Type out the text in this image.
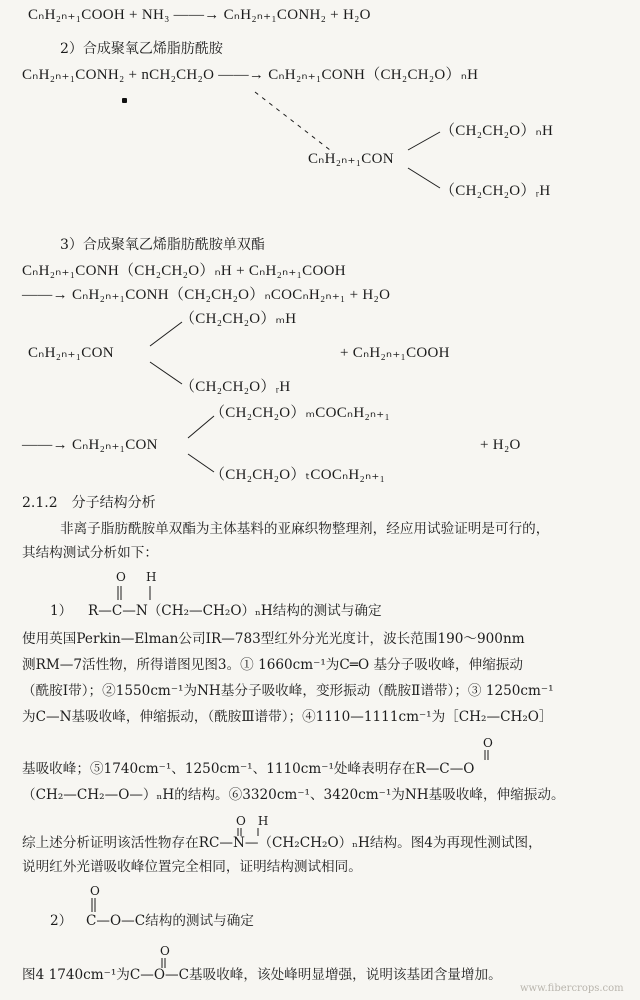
CₙH₂ₙ₊₁COOH + NH₃ ——→ CₙH₂ₙ₊₁CONH₂ + H₂O
2）合成聚氧乙烯脂肪酰胺
CₙH₂ₙ₊₁CONH₂ + nCH₂CH₂O ——→ CₙH₂ₙ₊₁CONH（CH₂CH₂O）ₙH
（CH₂CH₂O）ₙH
CₙH₂ₙ₊₁CON
（CH₂CH₂O）ᵣH
3）合成聚氧乙烯脂肪酰胺单双酯
CₙH₂ₙ₊₁CONH（CH₂CH₂O）ₙH + CₙH₂ₙ₊₁COOH
——→ CₙH₂ₙ₊₁CONH（CH₂CH₂O）ₙCOCₙH₂ₙ₊₁ + H₂O
（CH₂CH₂O）ₘH
CₙH₂ₙ₊₁CON	+ CₙH₂ₙ₊₁COOH
（CH₂CH₂O）ᵣH
（CH₂CH₂O）ₘCOCₙH₂ₙ₊₁
——→ CₙH₂ₙ₊₁CON	+ H₂O
（CH₂CH₂O）ₜCOCₙH₂ₙ₊₁
2.1.2　分子结构分析
非离子脂肪酰胺单双酯为主体基料的亚麻织物整理剂，经应用试验证明是可行的，
其结构测试分析如下：
O H
1） R—C—N（CH₂—CH₂O）ₙH结构的测试与确定
使用英国Perkin—Elman公司IR—783型红外分光光度计，波长范围190～900nm
测RM—7活性物，所得谱图见图3。① 1660cm⁻¹为C═O 基分子吸收峰，伸缩振动
（酰胺Ⅰ带）；②1550cm⁻¹为NH基分子吸收峰，变形振动（酰胺Ⅱ谱带）；③ 1250cm⁻¹
为C—N基吸收峰，伸缩振动，（酰胺Ⅲ谱带）；④1110—1111cm⁻¹为［CH₂—CH₂O］
O
基吸收峰；⑤1740cm⁻¹、1250cm⁻¹、1110cm⁻¹处峰表明存在R—C—O
（CH₂—CH₂—O—）ₙH的结构。⑥3320cm⁻¹、3420cm⁻¹为NH基吸收峰，伸缩振动。
O　H
综上述分析证明该活性物存在RC—N—（CH₂CH₂O）ₙH结构。图4为再现性测试图，
说明红外光谱吸收峰位置完全相同，证明结构测试相同。
O
2） C—O—C结构的测试与确定
O
图4 1740cm⁻¹为C—O—C基吸收峰，该处峰明显增强，说明该基团含量增加。
www.fibercrops.com
